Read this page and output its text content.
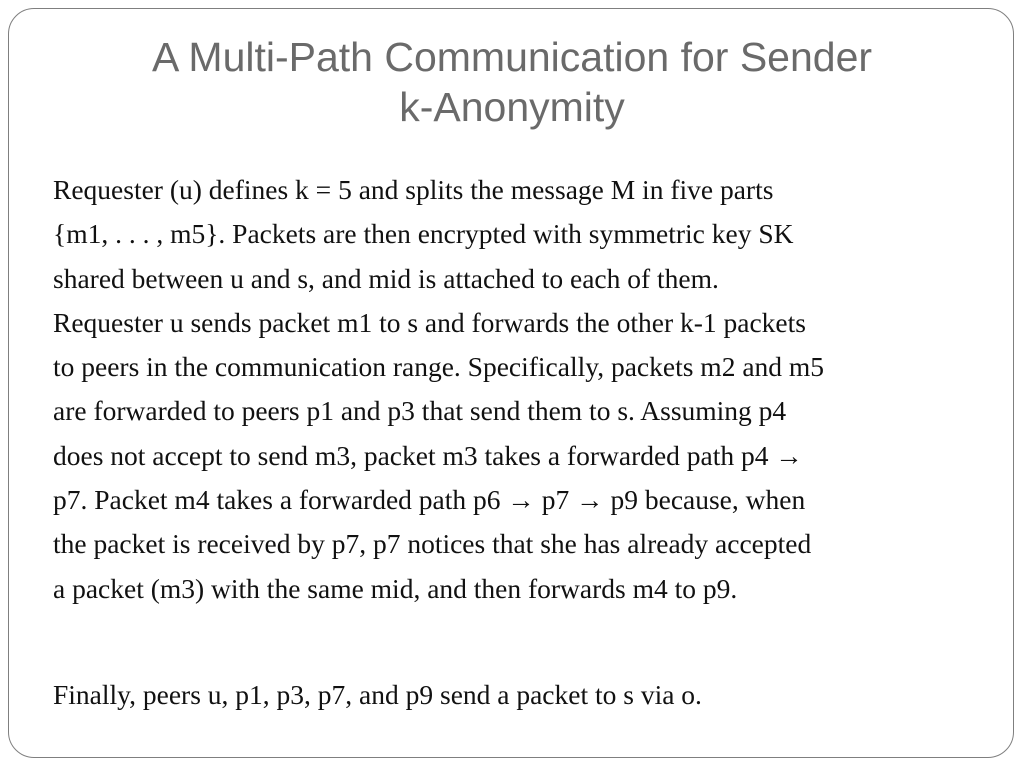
A Multi-Path Communication for Sender
k-Anonymity

Requester (u) defines k = 5 and splits the message M in five parts

{m1, . . . , m5}. Packets are then encrypted with symmetric key SK

shared between u and s, and mid is attached to each of them.

Requester u sends packet m1 to s and forwards the other k-1 packets

to peers in the communication range. Specifically, packets m2 and m5

are forwarded to peers p1 and p3 that send them to s. Assuming p4

does not accept to send m3, packet m3 takes a forwarded path p4 →

p7. Packet m4 takes a forwarded path p6 → p7 → p9 because, when

the packet is received by p7, p7 notices that she has already accepted

a packet (m3) with the same mid, and then forwards m4 to p9.

Finally, peers u, p1, p3, p7, and p9 send a packet to s via o.
